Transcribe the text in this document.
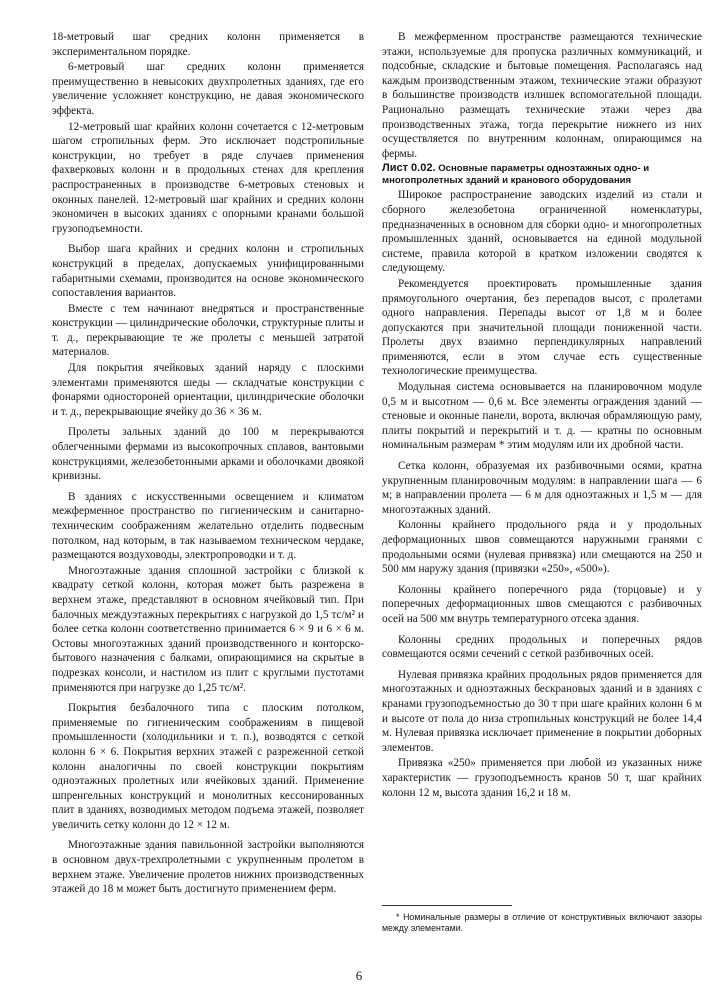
18-метровый шаг средних колонн применяется в экспериментальном порядке.

6-метровый шаг средних колонн применяется преимущественно в невысоких двухпролетных зданиях, где его увеличение усложняет конструкцию, не давая экономического эффекта.

12-метровый шаг крайних колонн сочетается с 12-метровым шагом стропильных ферм. Это исключает подстропильные конструкции, но требует в ряде случаев применения фахверковых колонн и в продольных стенах для крепления распространенных в производстве 6-метровых стеновых и оконных панелей. 12-метровый шаг крайних и средних колонн экономичен в высоких зданиях с опорными кранами большой грузоподъемности.

Выбор шага крайних и средних колонн и стропильных конструкций в пределах, допускаемых унифицированными габаритными схемами, производится на основе экономического сопоставления вариантов.

Вместе с тем начинают внедряться и пространственные конструкции — цилиндрические оболочки, структурные плиты и т. д., перекрывающие те же пролеты с меньшей затратой материалов.

Для покрытия ячейковых зданий наряду с плоскими элементами применяются шеды — складчатые конструкции с фонарями одностороней ориентации, цилиндрические оболочки и т. д., перекрывающие ячейку до 36 × 36 м.

Пролеты зальных зданий до 100 м перекрываются облегченными фермами из высокопрочных сплавов, вантовыми конструкциями, железобетонными арками и оболочками двоякой кривизны.

В зданиях с искусственными освещением и климатом межферменное пространство по гигиеническим и санитарно-техническим соображениям желательно отделить подвесным потолком, над которым, в так называемом техническом чердаке, размещаются воздуховоды, электропроводки и т. д.

Многоэтажные здания сплошной застройки с близкой к квадрату сеткой колонн, которая может быть разрежена в верхнем этаже, представляют в основном ячейковый тип. При балочных междуэтажных перекрытиях с нагрузкой до 1,5 тс/м² и более сетка колонн соответственно принимается 6 × 9 и 6 × 6 м. Остовы многоэтажных зданий производственного и конторско-бытового назначения с балками, опирающимися на скрытые в подрезках консоли, и настилом из плит с круглыми пустотами применяются при нагрузке до 1,25 тс/м².

Покрытия безбалочного типа с плоским потолком, применяемые по гигиеническим соображениям в пищевой промышленности (холодильники и т. п.), возводятся с сеткой колонн 6 × 6. Покрытия верхних этажей с разреженной сеткой колонн аналогичны по своей конструкции покрытиям одноэтажных пролетных или ячейковых зданий. Применение шпренгельных конструкций и монолитных кессонированных плит в зданиях, возводимых методом подъема этажей, позволяет увеличить сетку колонн до 12 × 12 м.

Многоэтажные здания павильонной застройки выполняются в основном двух-трехпролетными с укрупненным пролетом в верхнем этаже. Увеличение пролетов нижних производственных этажей до 18 м может быть достигнуто применением ферм.

В межферменном пространстве размещаются технические этажи, используемые для пропуска различных коммуникаций, и подсобные, складские и бытовые помещения. Располагаясь над каждым производственным этажом, технические этажи образуют в большинстве производств излишек вспомогательной площади. Рационально размещать технические этажи через два производственных этажа, тогда перекрытие нижнего из них осуществляется по внутренним колоннам, опирающимся на фермы.

Лист 0.02. Основные параметры одноэтажных одно- и многопролетных зданий и кранового оборудования

Широкое распространение заводских изделий из стали и сборного железобетона ограниченной номенклатуры, предназначенных в основном для сборки одно- и многопролетных промышленных зданий, основывается на единой модульной системе, правила которой в кратком изложении сводятся к следующему.

Рекомендуется проектировать промышленные здания прямоугольного очертания, без перепадов высот, с пролетами одного направления. Перепады высот от 1,8 м и более допускаются при значительной площади пониженной части. Пролеты двух взаимно перпендикулярных направлений применяются, если в этом случае есть существенные технологические преимущества.

Модульная система основывается на планировочном модуле 0,5 м и высотном — 0,6 м. Все элементы ограждения зданий — стеновые и оконные панели, ворота, включая обрамляющую раму, плиты покрытий и перекрытий и т. д. — кратны по основным номинальным размерам * этим модулям или их дробной части.

Сетка колонн, образуемая их разбивочными осями, кратна укрупненным планировочным модулям: в направлении шага — 6 м; в направлении пролета — 6 м для одноэтажных и 1,5 м — для многоэтажных зданий.

Колонны крайнего продольного ряда и у продольных деформационных швов совмещаются наружными гранями с продольными осями (нулевая привязка) или смещаются на 250 и 500 мм наружу здания (привязки «250», «500»).

Колонны крайнего поперечного ряда (торцовые) и у поперечных деформационных швов смещаются с разбивочных осей на 500 мм внутрь температурного отсека здания.

Колонны средних продольных и поперечных рядов совмещаются осями сечений с сеткой разбивочных осей.

Нулевая привязка крайних продольных рядов применяется для многоэтажных и одноэтажных бескрановых зданий и в зданиях с кранами грузоподъемностью до 30 т при шаге крайних колонн 6 м и высоте от пола до низа стропильных конструкций не более 14,4 м. Нулевая привязка исключает применение в покрытии доборных элементов.

Привязка «250» применяется при любой из указанных ниже характеристик — грузоподъемность кранов 50 т, шаг крайних колонн 12 м, высота здания 16,2 и 18 м.

* Номинальные размеры в отличие от конструктивных включают зазоры между элементами.

6
